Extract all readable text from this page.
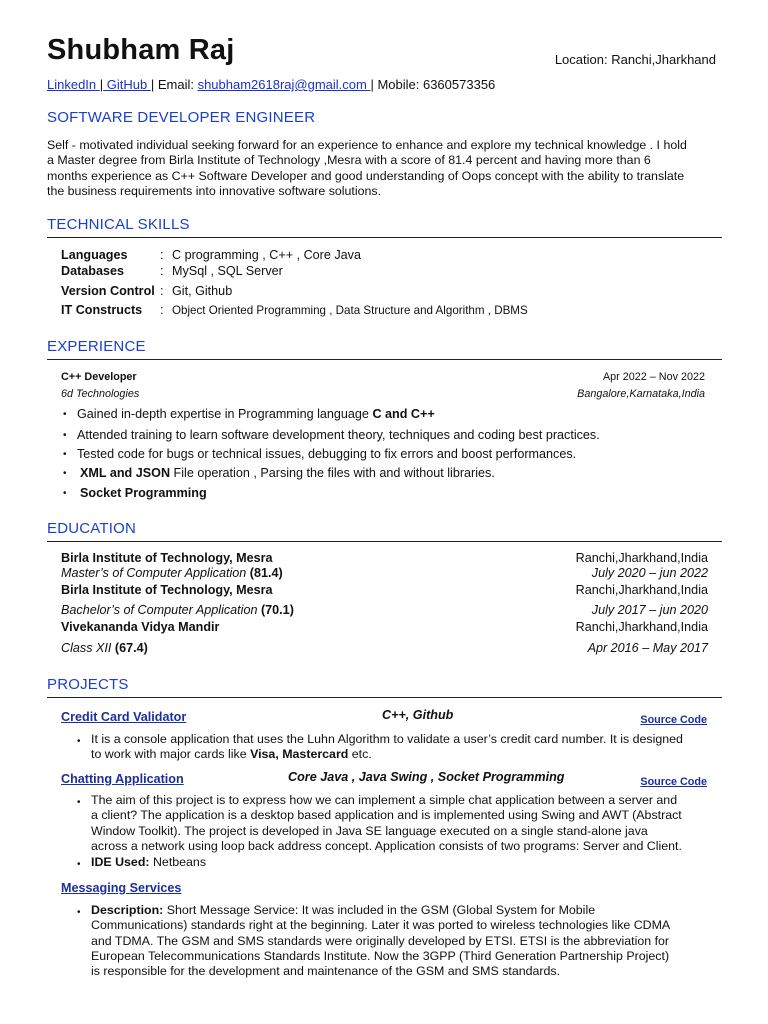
Shubham Raj	Location: Ranchi,Jharkhand
LinkedIn | GitHub | Email: shubham2618raj@gmail.com | Mobile: 6360573356
SOFTWARE DEVELOPER ENGINEER
Self - motivated individual seeking forward for an experience to enhance and explore my technical knowledge . I hold
a Master degree from Birla Institute of Technology ,Mesra with a score of 81.4 percent and having more than 6
months experience as C++ Software Developer and good understanding of Oops concept with the ability to translate
the business requirements into innovative software solutions.
TECHNICAL SKILLS
Languages	: C programming , C++ , Core Java
Databases	: MySql , SQL Server
Version Control : Git, Github
IT Constructs : Object Oriented Programming , Data Structure and Algorithm , DBMS
EXPERIENCE
C++ Developer	Apr 2022 – Nov 2022
6d Technologies	Bangalore,Karnataka,India
• Gained in-depth expertise in Programming language C and C++
• Attended training to learn software development theory, techniques and coding best practices.
• Tested code for bugs or technical issues, debugging to fix errors and boost performances.
• XML and JSON File operation , Parsing the files with and without libraries.
• Socket Programming
EDUCATION
Birla Institute of Technology, Mesra	Ranchi,Jharkhand,India
Master’s of Computer Application (81.4)	July 2020 – jun 2022
Birla Institute of Technology, Mesra	Ranchi,Jharkhand,India
Bachelor’s of Computer Application (70.1)	July 2017 – jun 2020
Vivekananda Vidya Mandir	Ranchi,Jharkhand,India
Class XII (67.4)	Apr 2016 – May 2017
PROJECTS
Credit Card Validator	C++, Github	Source Code
• It is a console application that uses the Luhn Algorithm to validate a user’s credit card number. It is designed
to work with major cards like Visa, Mastercard etc.
Chatting Application	Core Java , Java Swing , Socket Programming	Source Code
• The aim of this project is to express how we can implement a simple chat application between a server and
a client? The application is a desktop based application and is implemented using Swing and AWT (Abstract
Window Toolkit). The project is developed in Java SE language executed on a single stand-alone java
across a network using loop back address concept. Application consists of two programs: Server and Client.
• IDE Used: Netbeans
Messaging Services
• Description: Short Message Service: It was included in the GSM (Global System for Mobile
Communications) standards right at the beginning. Later it was ported to wireless technologies like CDMA
and TDMA. The GSM and SMS standards were originally developed by ETSI. ETSI is the abbreviation for
European Telecommunications Standards Institute. Now the 3GPP (Third Generation Partnership Project)
is responsible for the development and maintenance of the GSM and SMS standards.
